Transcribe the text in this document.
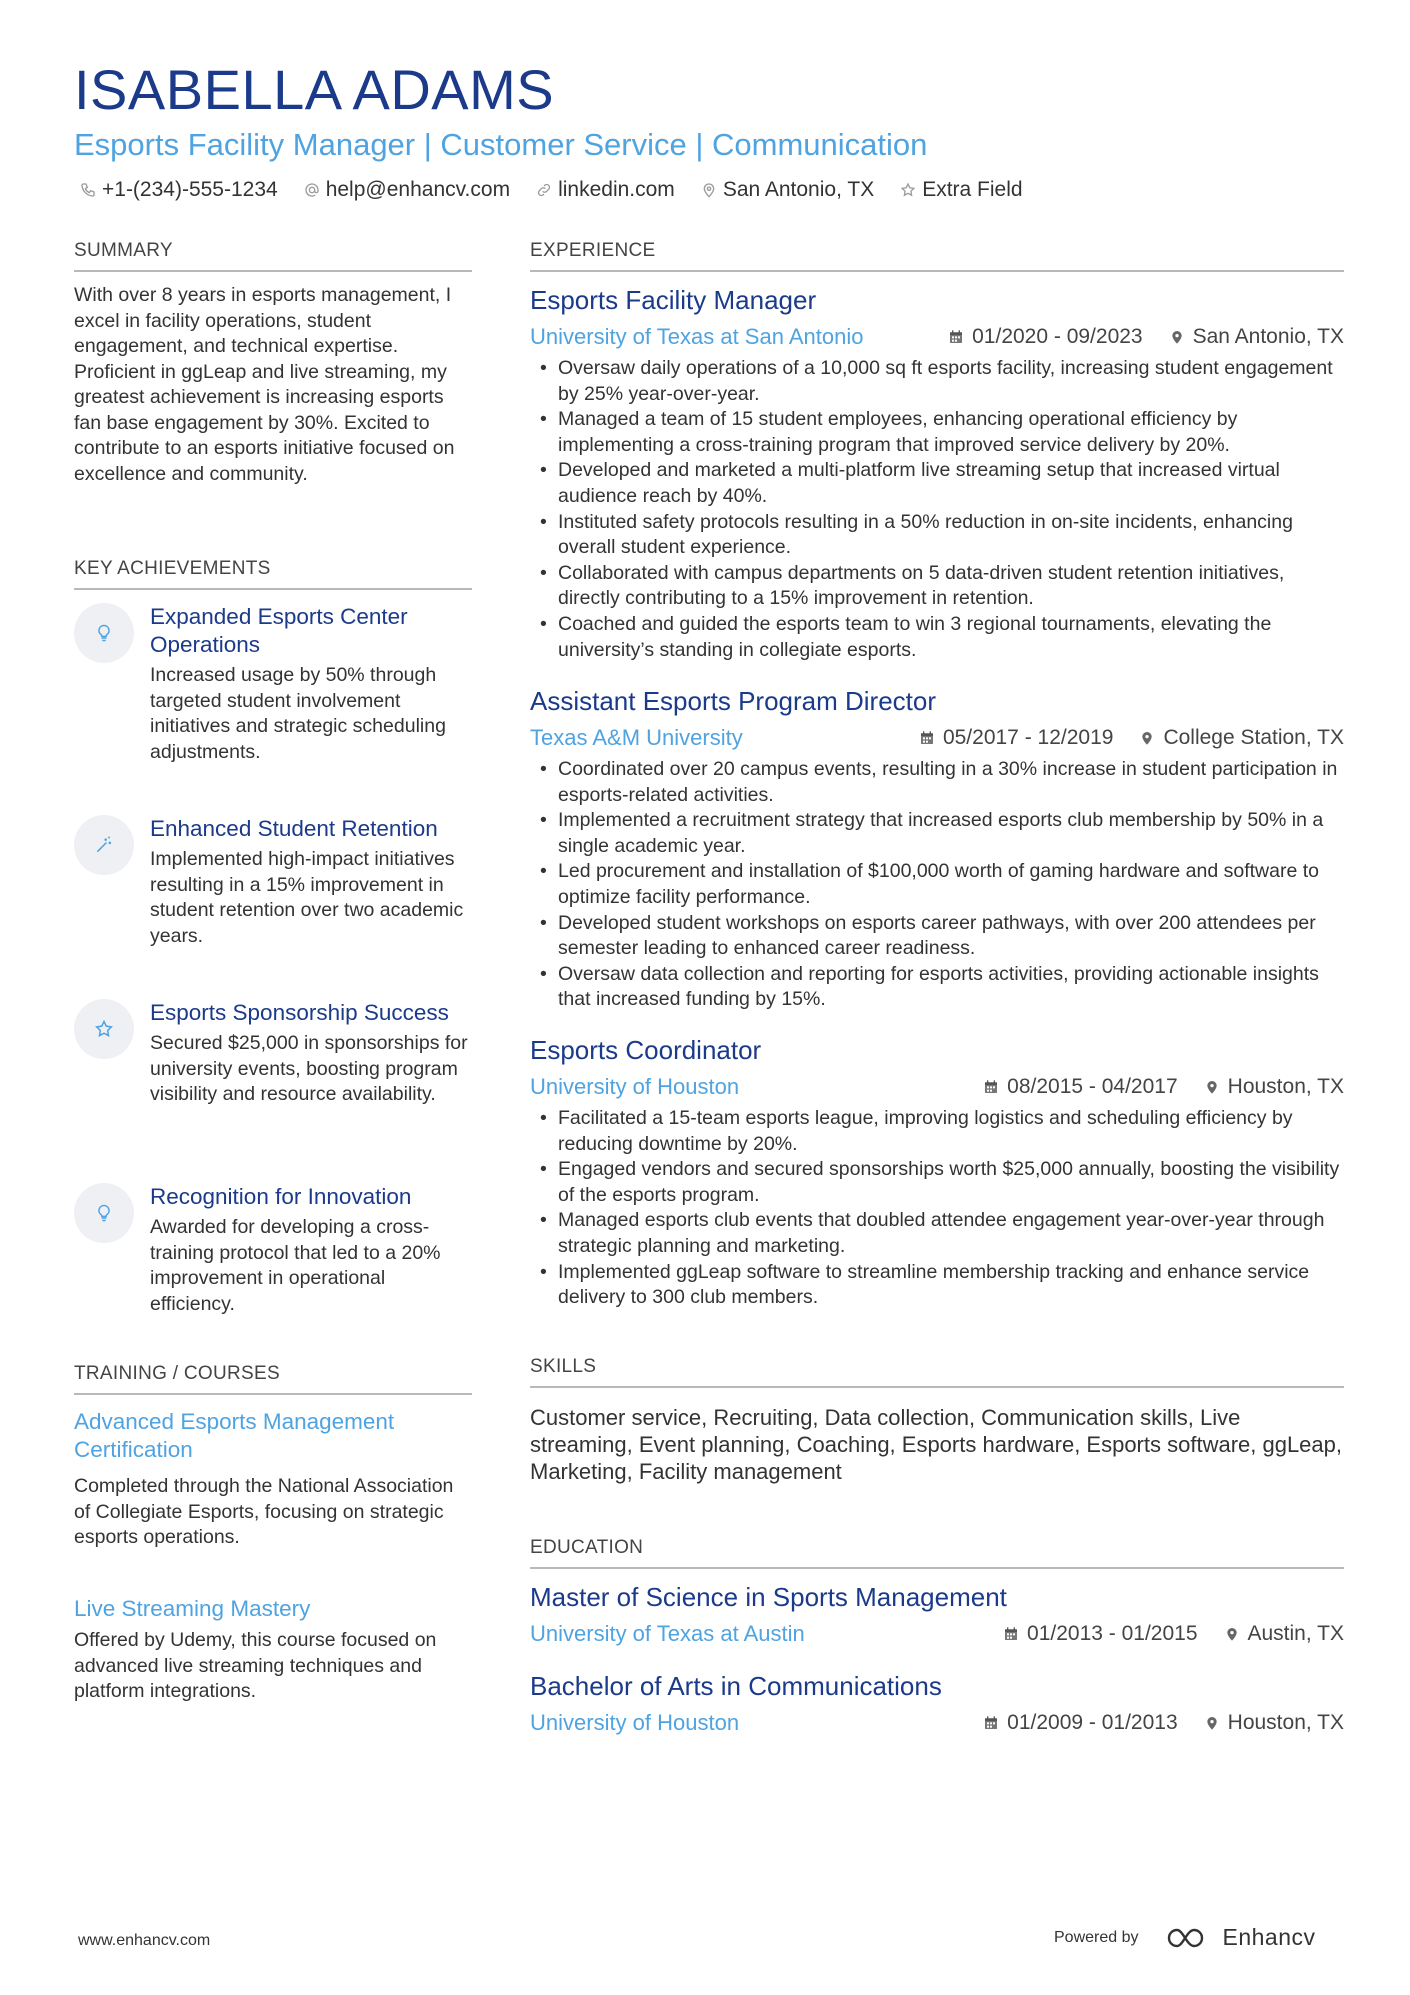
ISABELLA ADAMS
Esports Facility Manager | Customer Service | Communication
+1-(234)-555-1234 help@enhancv.com linkedin.com San Antonio, TX Extra Field
SUMMARY
With over 8 years in esports management, I excel in facility operations, student engagement, and technical expertise. Proficient in ggLeap and live streaming, my greatest achievement is increasing esports fan base engagement by 30%. Excited to contribute to an esports initiative focused on excellence and community.
KEY ACHIEVEMENTS
Expanded Esports Center Operations
Increased usage by 50% through targeted student involvement initiatives and strategic scheduling adjustments.
Enhanced Student Retention
Implemented high-impact initiatives resulting in a 15% improvement in student retention over two academic years.
Esports Sponsorship Success
Secured $25,000 in sponsorships for university events, boosting program visibility and resource availability.
Recognition for Innovation
Awarded for developing a cross-training protocol that led to a 20% improvement in operational efficiency.
TRAINING / COURSES
Advanced Esports Management Certification
Completed through the National Association of Collegiate Esports, focusing on strategic esports operations.
Live Streaming Mastery
Offered by Udemy, this course focused on advanced live streaming techniques and platform integrations.
EXPERIENCE
Esports Facility Manager
University of Texas at San Antonio	01/2020 - 09/2023 San Antonio, TX
• Oversaw daily operations of a 10,000 sq ft esports facility, increasing student engagement by 25% year-over-year.
• Managed a team of 15 student employees, enhancing operational efficiency by implementing a cross-training program that improved service delivery by 20%.
• Developed and marketed a multi-platform live streaming setup that increased virtual audience reach by 40%.
• Instituted safety protocols resulting in a 50% reduction in on-site incidents, enhancing overall student experience.
• Collaborated with campus departments on 5 data-driven student retention initiatives, directly contributing to a 15% improvement in retention.
• Coached and guided the esports team to win 3 regional tournaments, elevating the university’s standing in collegiate esports.
Assistant Esports Program Director
Texas A&M University	05/2017 - 12/2019 College Station, TX
• Coordinated over 20 campus events, resulting in a 30% increase in student participation in esports-related activities.
• Implemented a recruitment strategy that increased esports club membership by 50% in a single academic year.
• Led procurement and installation of $100,000 worth of gaming hardware and software to optimize facility performance.
• Developed student workshops on esports career pathways, with over 200 attendees per semester leading to enhanced career readiness.
• Oversaw data collection and reporting for esports activities, providing actionable insights that increased funding by 15%.
Esports Coordinator
University of Houston	08/2015 - 04/2017 Houston, TX
• Facilitated a 15-team esports league, improving logistics and scheduling efficiency by reducing downtime by 20%.
• Engaged vendors and secured sponsorships worth $25,000 annually, boosting the visibility of the esports program.
• Managed esports club events that doubled attendee engagement year-over-year through strategic planning and marketing.
• Implemented ggLeap software to streamline membership tracking and enhance service delivery to 300 club members.
SKILLS
Customer service, Recruiting, Data collection, Communication skills, Live streaming, Event planning, Coaching, Esports hardware, Esports software, ggLeap, Marketing, Facility management
EDUCATION
Master of Science in Sports Management
University of Texas at Austin	01/2013 - 01/2015 Austin, TX
Bachelor of Arts in Communications
University of Houston	01/2009 - 01/2013 Houston, TX
www.enhancv.com	Powered by	Enhancv
